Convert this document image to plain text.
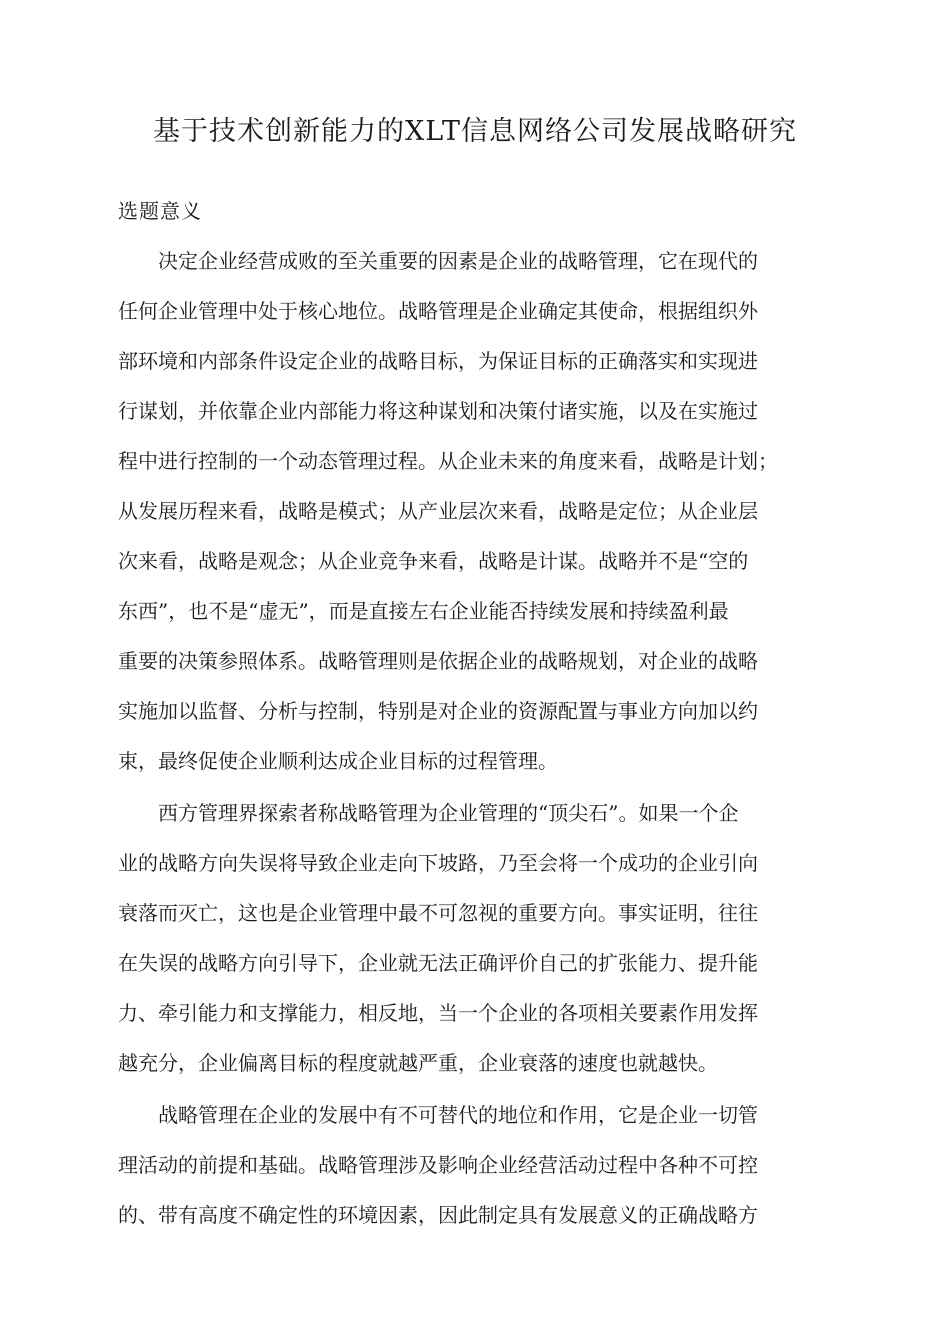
基于技术创新能力的XLT信息网络公司发展战略研究
选题意义
　　决定企业经营成败的至关重要的因素是企业的战略管理，它在现代的
任何企业管理中处于核心地位。战略管理是企业确定其使命，根据组织外
部环境和内部条件设定企业的战略目标，为保证目标的正确落实和实现进
行谋划，并依靠企业内部能力将这种谋划和决策付诸实施，以及在实施过
程中进行控制的一个动态管理过程。从企业未来的角度来看，战略是计划；
从发展历程来看，战略是模式；从产业层次来看，战略是定位；从企业层
次来看，战略是观念；从企业竞争来看，战略是计谋。战略并不是“空的
东西”，也不是“虚无”，而是直接左右企业能否持续发展和持续盈利最
重要的决策参照体系。战略管理则是依据企业的战略规划，对企业的战略
实施加以监督、分析与控制，特别是对企业的资源配置与事业方向加以约
束，最终促使企业顺利达成企业目标的过程管理。
　　西方管理界探索者称战略管理为企业管理的“顶尖石”。如果一个企
业的战略方向失误将导致企业走向下坡路，乃至会将一个成功的企业引向
衰落而灭亡，这也是企业管理中最不可忽视的重要方向。事实证明，往往
在失误的战略方向引导下，企业就无法正确评价自己的扩张能力、提升能
力、牵引能力和支撑能力，相反地，当一个企业的各项相关要素作用发挥
越充分，企业偏离目标的程度就越严重，企业衰落的速度也就越快。
　　战略管理在企业的发展中有不可替代的地位和作用，它是企业一切管
理活动的前提和基础。战略管理涉及影响企业经营活动过程中各种不可控
的、带有高度不确定性的环境因素，因此制定具有发展意义的正确战略方
